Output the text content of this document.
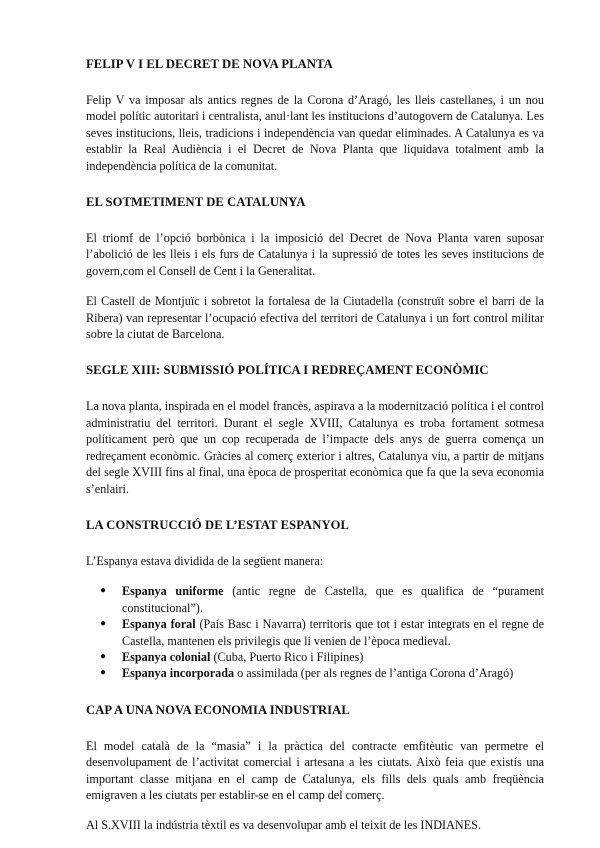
FELIP V I EL DECRET DE NOVA PLANTA

Felip V va imposar als antics regnes de la Corona d’Aragó, les lleis castellanes, i un nou model polític autoritari i centralista, anul·lant les institucions d’autogovern de Catalunya. Les seves institucions, lleis, tradicions i independència van quedar eliminades. A Catalunya es va establir la Real Audiència i el Decret de Nova Planta que liquidava totalment amb la independència política de la comunitat.

EL SOTMETIMENT DE CATALUNYA

El triomf de l’opció borbònica i la imposició del Decret de Nova Planta varen suposar l’abolició de les lleis i els furs de Catalunya i la supressió de totes les seves institucions de govern,com el Consell de Cent i la Generalitat.

El Castell de Montjuïc i sobretot la fortalesa de la Ciutadella (construït sobre el barri de la Ribera) van representar l’ocupació efectiva del territori de Catalunya i un fort control militar sobre la ciutat de Barcelona.

SEGLE XIII: SUBMISSIÓ POLÍTICA I REDREÇAMENT ECONÒMIC

La nova planta, inspirada en el model francès, aspirava a la modernització política i el control administratiu del territori. Durant el segle XVIII, Catalunya es troba fortament sotmesa políticament però que un cop recuperada de l’impacte dels anys de guerra comença un redreçament econòmic. Gràcies al comerç exterior i altres, Catalunya viu, a partir de mitjans del segle XVIII fins al final, una època de prosperitat econòmica que fa que la seva economia s’enlairi.

LA CONSTRUCCIÓ DE L’ESTAT ESPANYOL

L’Espanya estava dividida de la següent manera:

● Espanya uniforme (antic regne de Castella, que es qualifica de “purament constitucional”).
● Espanya foral (País Basc i Navarra) territoris que tot i estar integrats en el regne de Castella, mantenen els privilegis que li venien de l’època medieval.
● Espanya colonial (Cuba, Puerto Rico i Filipines)
● Espanya incorporada o assimilada (per als regnes de l’antiga Corona d’Aragó)
CAP A UNA NOVA ECONOMIA INDUSTRIAL

El model català de la “masia” i la pràctica del contracte emfitèutic van permetre el desenvolupament de l’activitat comercial i artesana a les ciutats. Això feia que existís una important classe mitjana en el camp de Catalunya, els fills dels quals amb freqüència emigraven a les ciutats per establir-se en el camp del comerç.

Al S.XVIII la indústria tèxtil es va desenvolupar amb el teixit de les INDIANES.
